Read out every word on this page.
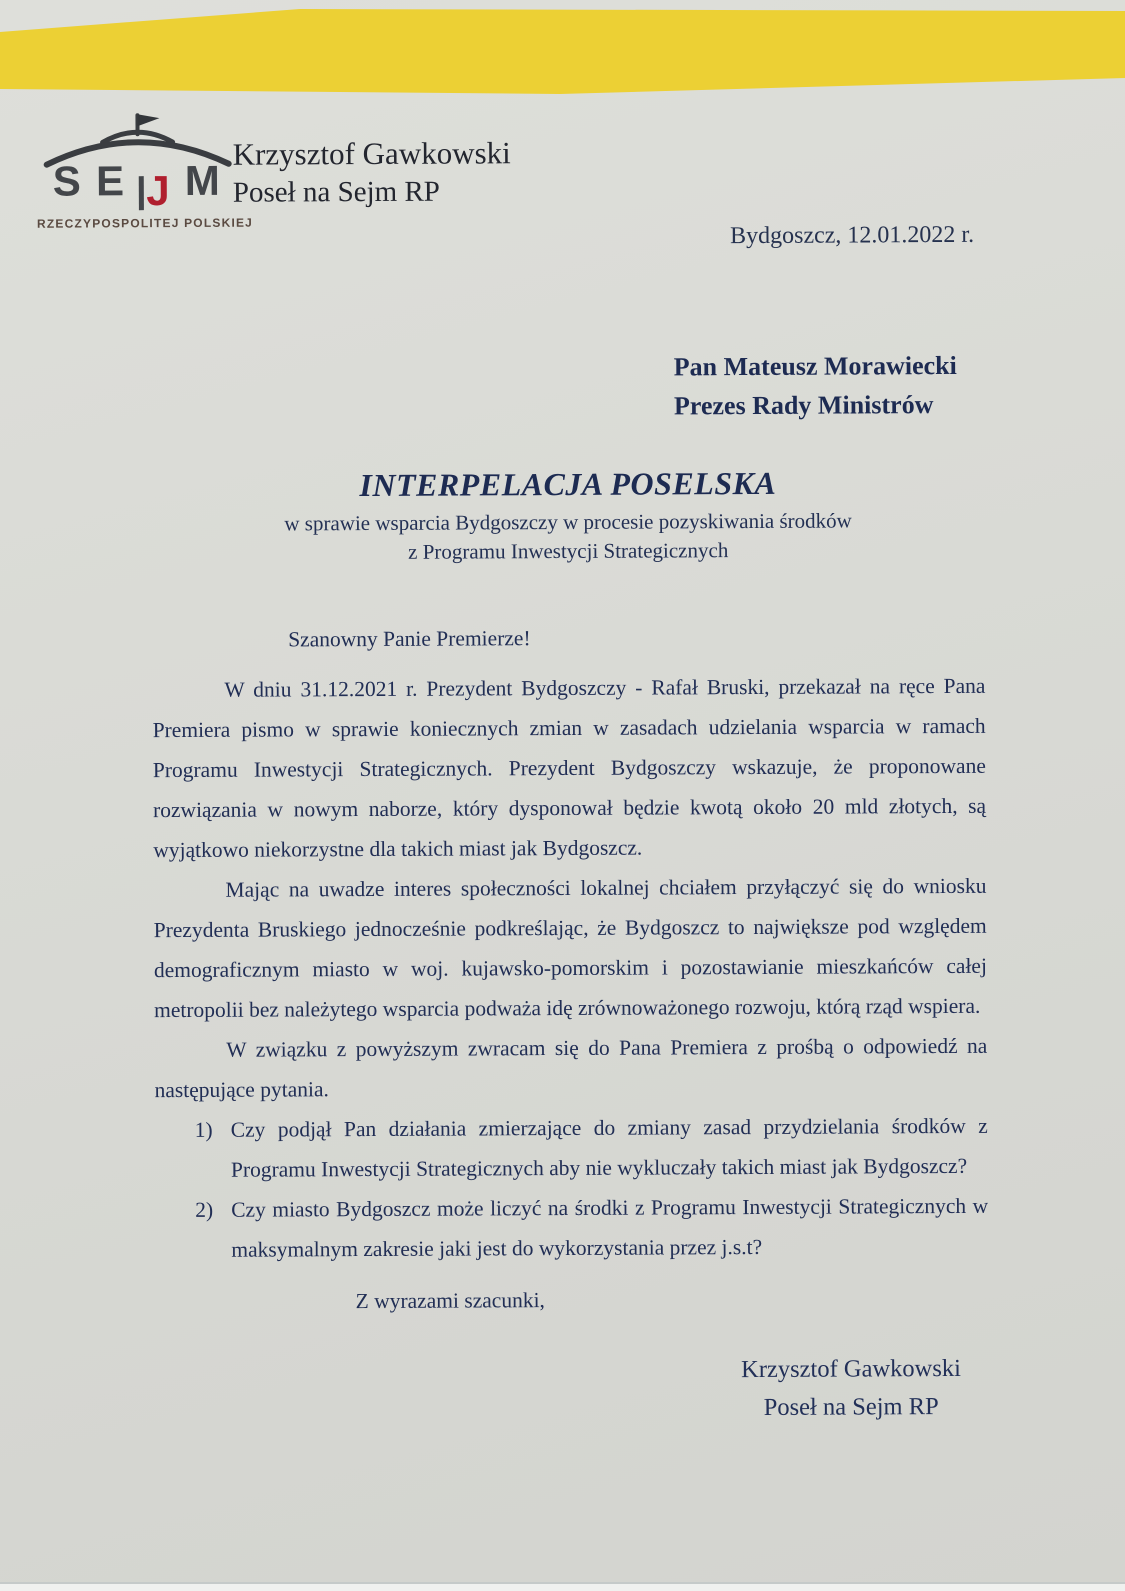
S E J M
RZECZYPOSPOLITEJ POLSKIEJ
Krzysztof Gawkowski
Poseł na Sejm RP
Bydgoszcz, 12.01.2022 r.
Pan Mateusz Morawiecki
Prezes Rady Ministrów
INTERPELACJA POSELSKA
w sprawie wsparcia Bydgoszczy w procesie pozyskiwania środków
z Programu Inwestycji Strategicznych
Szanowny Panie Premierze!

W dniu 31.12.2021 r. Prezydent Bydgoszczy - Rafał Bruski, przekazał na ręce Pana Premiera pismo w sprawie koniecznych zmian w zasadach udzielania wsparcia w ramach Programu Inwestycji Strategicznych. Prezydent Bydgoszczy wskazuje, że proponowane rozwiązania w nowym naborze, który dysponował będzie kwotą około 20 mld złotych, są wyjątkowo niekorzystne dla takich miast jak Bydgoszcz.

Mając na uwadze interes społeczności lokalnej chciałem przyłączyć się do wniosku Prezydenta Bruskiego jednocześnie podkreślając, że Bydgoszcz to największe pod względem demograficznym miasto w woj. kujawsko-pomorskim i pozostawianie mieszkańców całej metropolii bez należytego wsparcia podważa idę zrównoważonego rozwoju, którą rząd wspiera.

W związku z powyższym zwracam się do Pana Premiera z prośbą o odpowiedź na następujące pytania.

1) Czy podjął Pan działania zmierzające do zmiany zasad przydzielania środków z Programu Inwestycji Strategicznych aby nie wykluczały takich miast jak Bydgoszcz?
2) Czy miasto Bydgoszcz może liczyć na środki z Programu Inwestycji Strategicznych w maksymalnym zakresie jaki jest do wykorzystania przez j.s.t?
Z wyrazami szacunki,
Krzysztof Gawkowski
Poseł na Sejm RP
